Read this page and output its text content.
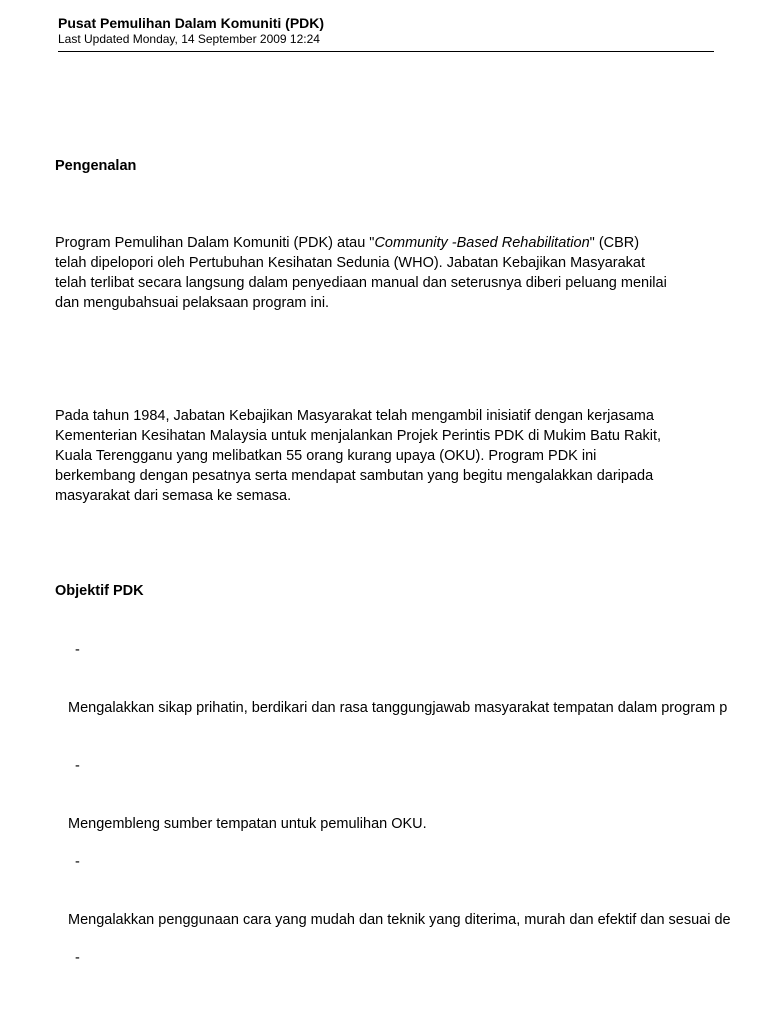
Pusat Pemulihan Dalam Komuniti (PDK)

Last Updated Monday, 14 September 2009 12:24

Pengenalan

Program Pemulihan Dalam Komuniti (PDK) atau "Community -Based Rehabilitation" (CBR)
telah dipelopori oleh Pertubuhan Kesihatan Sedunia (WHO). Jabatan Kebajikan Masyarakat
telah terlibat secara langsung dalam penyediaan manual dan seterusnya diberi peluang menilai
dan mengubahsuai pelaksaan program ini.
Pada tahun 1984, Jabatan Kebajikan Masyarakat telah mengambil inisiatif dengan kerjasama
Kementerian Kesihatan Malaysia untuk menjalankan Projek Perintis PDK di Mukim Batu Rakit,
Kuala Terengganu yang melibatkan 55 orang kurang upaya (OKU). Program PDK ini
berkembang dengan pesatnya serta mendapat sambutan yang begitu mengalakkan daripada
masyarakat dari semasa ke semasa.

Objektif PDK

-
Mengalakkan sikap prihatin, berdikari dan rasa tanggungjawab masyarakat tempatan dalam program p
-
Mengembleng sumber tempatan untuk pemulihan OKU.
-
Mengalakkan penggunaan cara yang mudah dan teknik yang diterima, murah dan efektif dan sesuai de
-
